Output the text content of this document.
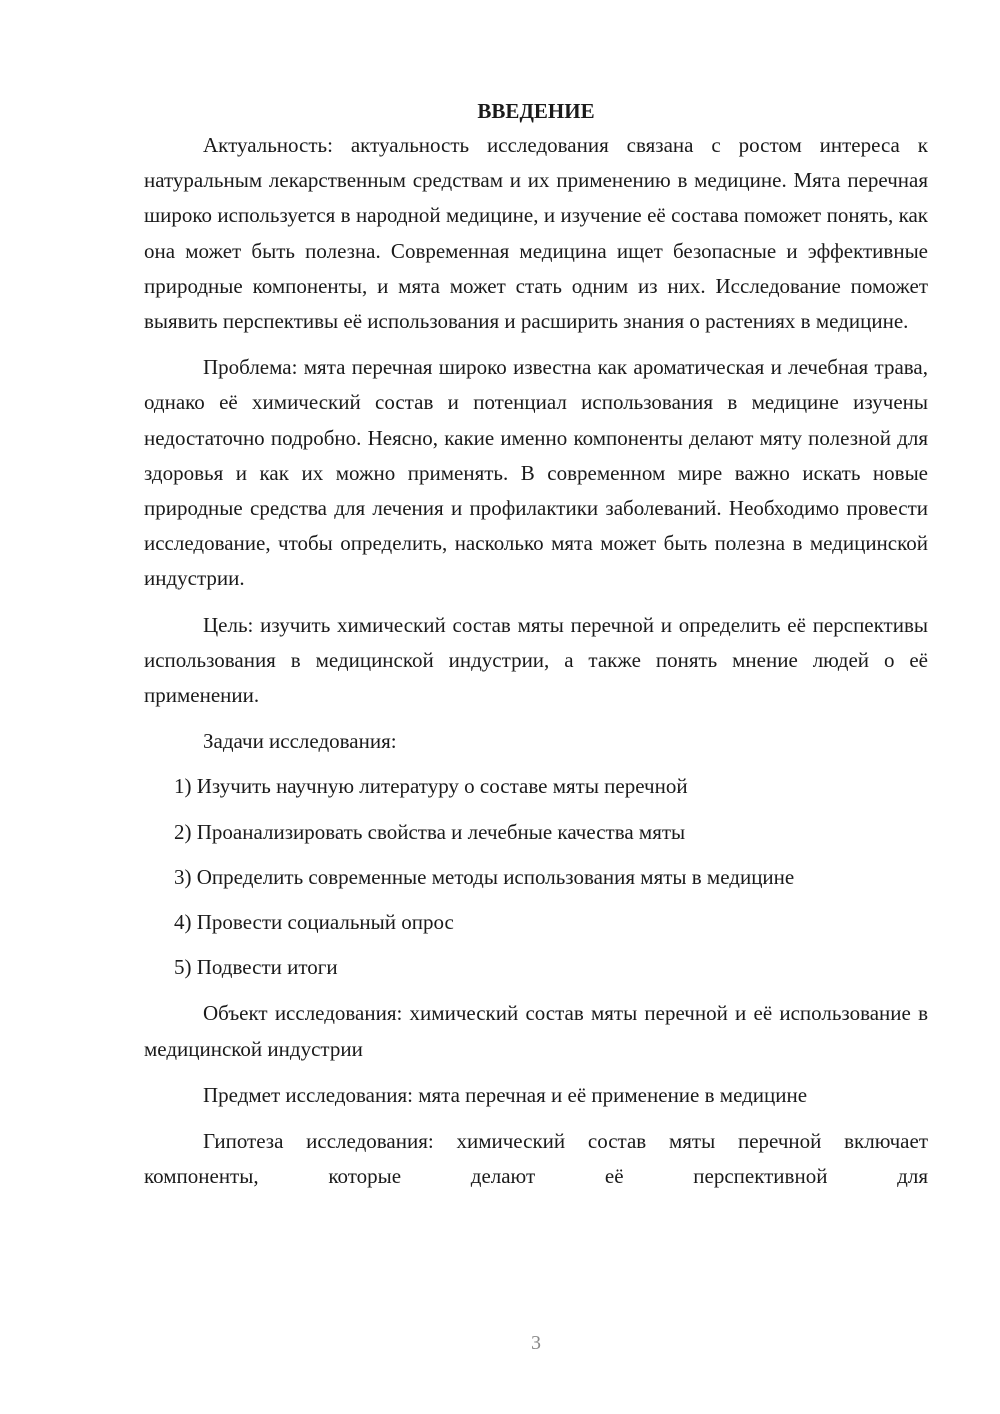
ВВЕДЕНИЕ

Актуальность: актуальность исследования связана с ростом интереса к натуральным лекарственным средствам и их применению в медицине. Мята перечная широко используется в народной медицине, и изучение её состава поможет понять, как она может быть полезна. Современная медицина ищет безопасные и эффективные природные компоненты, и мята может стать одним из них. Исследование поможет выявить перспективы её использования и расширить знания о растениях в медицине.

Проблема: мята перечная широко известна как ароматическая и лечебная трава, однако её химический состав и потенциал использования в медицине изучены недостаточно подробно. Неясно, какие именно компоненты делают мяту полезной для здоровья и как их можно применять. В современном мире важно искать новые природные средства для лечения и профилактики заболеваний. Необходимо провести исследование, чтобы определить, насколько мята может быть полезна в медицинской индустрии.

Цель: изучить химический состав мяты перечной и определить её перспективы использования в медицинской индустрии, а также понять мнение людей о её применении.

Задачи исследования:

1) Изучить научную литературу о составе мяты перечной
2) Проанализировать свойства и лечебные качества мяты
3) Определить современные методы использования мяты в медицине
4) Провести социальный опрос
5) Подвести итоги

Объект исследования: химический состав мяты перечной и её использование в медицинской индустрии

Предмет исследования: мята перечная и её применение в медицине

Гипотеза исследования: химический состав мяты перечной включает компоненты, которые делают её перспективной для

3
